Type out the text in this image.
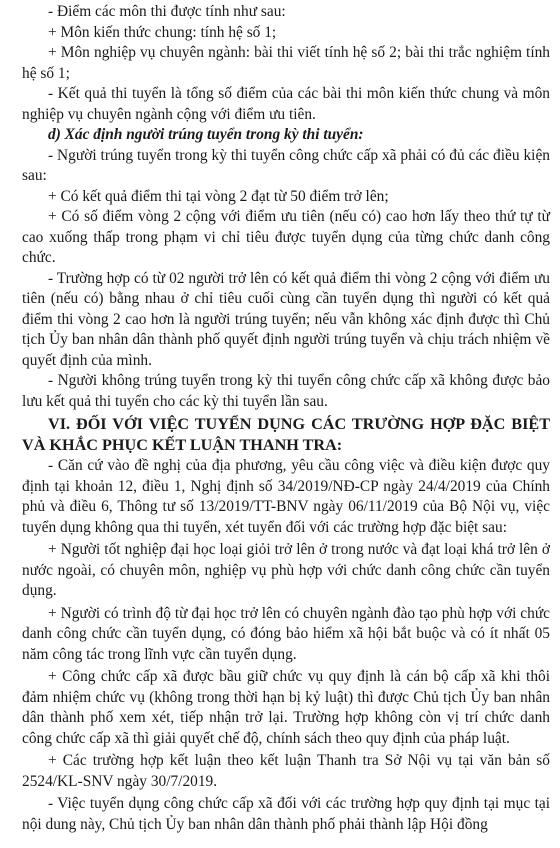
- Điểm các môn thi được tính như sau:

+ Môn kiến thức chung: tính hệ số 1;

+ Môn nghiệp vụ chuyên ngành: bài thi viết tính hệ số 2; bài thi trắc nghiệm tính hệ số 1;

- Kết quả thi tuyển là tổng số điểm của các bài thi môn kiến thức chung và môn nghiệp vụ chuyên ngành cộng với điểm ưu tiên.

d) Xác định người trúng tuyển trong kỳ thi tuyển:

- Người trúng tuyển trong kỳ thi tuyển công chức cấp xã phải có đủ các điều kiện sau:

+ Có kết quả điểm thi tại vòng 2 đạt từ 50 điểm trở lên;

+ Có số điểm vòng 2 cộng với điểm ưu tiên (nếu có) cao hơn lấy theo thứ tự từ cao xuống thấp trong phạm vi chỉ tiêu được tuyển dụng của từng chức danh công chức.

- Trường hợp có từ 02 người trở lên có kết quả điểm thi vòng 2 cộng với điểm ưu tiên (nếu có) bằng nhau ở chỉ tiêu cuối cùng cần tuyển dụng thì người có kết quả điểm thi vòng 2 cao hơn là người trúng tuyển; nếu vẫn không xác định được thì Chủ tịch Ủy ban nhân dân thành phố quyết định người trúng tuyển và chịu trách nhiệm về quyết định của mình.

- Người không trúng tuyển trong kỳ thi tuyển công chức cấp xã không được bảo lưu kết quả thi tuyển cho các kỳ thi tuyển lần sau.

VI. ĐỐI VỚI VIỆC TUYỂN DỤNG CÁC TRƯỜNG HỢP ĐẶC BIỆT VÀ KHẮC PHỤC KẾT LUẬN THANH TRA:

- Căn cứ vào đề nghị của địa phương, yêu cầu công việc và điều kiện được quy định tại khoản 12, điều 1, Nghị định số 34/2019/NĐ-CP ngày 24/4/2019 của Chính phủ và điều 6, Thông tư số 13/2019/TT-BNV ngày 06/11/2019 của Bộ Nội vụ, việc tuyển dụng không qua thi tuyển, xét tuyển đối với các trường hợp đặc biệt sau:

+ Người tốt nghiệp đại học loại giỏi trở lên ở trong nước và đạt loại khá trở lên ở nước ngoài, có chuyên môn, nghiệp vụ phù hợp với chức danh công chức cần tuyển dụng.

+ Người có trình độ từ đại học trở lên có chuyên ngành đào tạo phù hợp với chức danh công chức cần tuyển dụng, có đóng bảo hiểm xã hội bắt buộc và có ít nhất 05 năm công tác trong lĩnh vực cần tuyển dụng.

+ Công chức cấp xã được bầu giữ chức vụ quy định là cán bộ cấp xã khi thôi đảm nhiệm chức vụ (không trong thời hạn bị kỷ luật) thì được Chủ tịch Ủy ban nhân dân thành phố xem xét, tiếp nhận trở lại. Trường hợp không còn vị trí chức danh công chức cấp xã thì giải quyết chế độ, chính sách theo quy định của pháp luật.

+ Các trường hợp kết luận theo kết luận Thanh tra Sở Nội vụ tại văn bản số 2524/KL-SNV ngày 30/7/2019.

- Việc tuyển dụng công chức cấp xã đối với các trường hợp quy định tại mục tại nội dung này, Chủ tịch Ủy ban nhân dân thành phố phải thành lập Hội đồng
